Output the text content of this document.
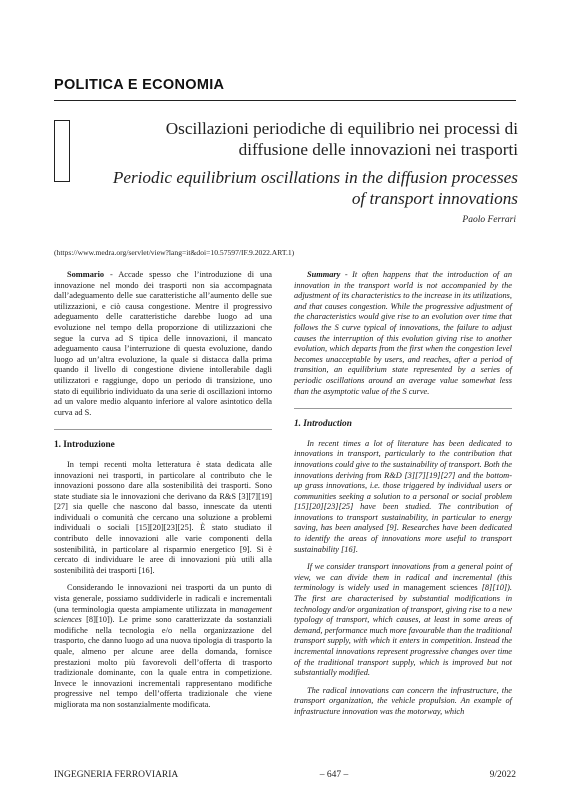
POLITICA E ECONOMIA
Oscillazioni periodiche di equilibrio nei processi di diffusione delle innovazioni nei trasporti
Periodic equilibrium oscillations in the diffusion processes of transport innovations
Paolo Ferrari
(https://www.medra.org/servlet/view?lang=it&doi=10.57597/IF.9.2022.ART.1)

Sommario - Accade spesso che l’introduzione di una innovazione nel mondo dei trasporti non sia accompagnata dall’adeguamento delle sue caratteristiche all’aumento delle sue utilizzazioni, e ciò causa congestione. Mentre il progressivo adeguamento delle caratteristiche darebbe luogo ad una evoluzione nel tempo della proporzione di utilizzazioni che segue la curva ad S tipica delle innovazioni, il mancato adeguamento causa l’interruzione di questa evoluzione, dando luogo ad un’altra evoluzione, la quale si distacca dalla prima quando il livello di congestione diviene intollerabile dagli utilizzatori e raggiunge, dopo un periodo di transizione, uno stato di equilibrio individuato da una serie di oscillazioni intorno ad un valore medio alquanto inferiore al valore asintotico della curva ad S.

1. Introduzione

In tempi recenti molta letteratura è stata dedicata alle innovazioni nei trasporti, in particolare al contributo che le innovazioni possono dare alla sostenibilità dei trasporti. Sono state studiate sia le innovazioni che derivano da R&S [3][7][19][27] sia quelle che nascono dal basso, innescate da utenti individuali o comunità che cercano una soluzione a problemi individuali o sociali [15][20][23][25]. È stato studiato il contributo delle innovazioni alle varie componenti della sostenibilità, in particolare al risparmio energetico [9]. Si è cercato di individuare le aree di innovazioni più utili alla sostenibilità dei trasporti [16].

Considerando le innovazioni nei trasporti da un punto di vista generale, possiamo suddividerle in radicali e incrementali (una terminologia questa ampiamente utilizzata in management sciences [8][10]). Le prime sono caratterizzate da sostanziali modifiche nella tecnologia e/o nella organizzazione del trasporto, che danno luogo ad una nuova tipologia di trasporto la quale, almeno per alcune aree della domanda, fornisce prestazioni molto più favorevoli dell’offerta di trasporto tradizionale dominante, con la quale entra in competizione. Invece le innovazioni incrementali rappresentano modifiche progressive nel tempo dell’offerta tradizionale che viene migliorata ma non sostanzialmente modificata.

Summary - It often happens that the introduction of an innovation in the transport world is not accompanied by the adjustment of its characteristics to the increase in its utilizations, and that causes congestion. While the progressive adjustment of the characteristics would give rise to an evolution over time that follows the S curve typical of innovations, the failure to adjust causes the interruption of this evolution giving rise to another evolution, which departs from the first when the congestion level becomes unacceptable by users, and reaches, after a period of transition, an equilibrium state represented by a series of periodic oscillations around an average value somewhat less than the asymptotic value of the S curve.

1. Introduction

In recent times a lot of literature has been dedicated to innovations in transport, particularly to the contribution that innovations could give to the sustainability of transport. Both the innovations deriving from R&D [3][7][19][27] and the bottom-up grass innovations, i.e. those triggered by individual users or communities seeking a solution to a personal or social problem [15][20][23][25] have been studied. The contribution of innovations to transport sustainability, in particular to energy saving, has been analysed [9]. Researches have been dedicated to identify the areas of innovations more useful to transport sustainability [16].

If we consider transport innovations from a general point of view, we can divide them in radical and incremental (this terminology is widely used in management sciences [8][10]). The first are characterised by substantial modifications in technology and/or organization of transport, giving rise to a new typology of transport, which causes, at least in some areas of demand, performance much more favourable than the traditional transport supply, with which it enters in competition. Instead the incremental innovations represent progressive changes over time of the traditional transport supply, which is improved but not substantially modified.

The radical innovations can concern the infrastructure, the transport organization, the vehicle propulsion. An example of infrastructure innovation was the motorway, which

INGEGNERIA FERROVIARIA	– 647 –	9/2022
